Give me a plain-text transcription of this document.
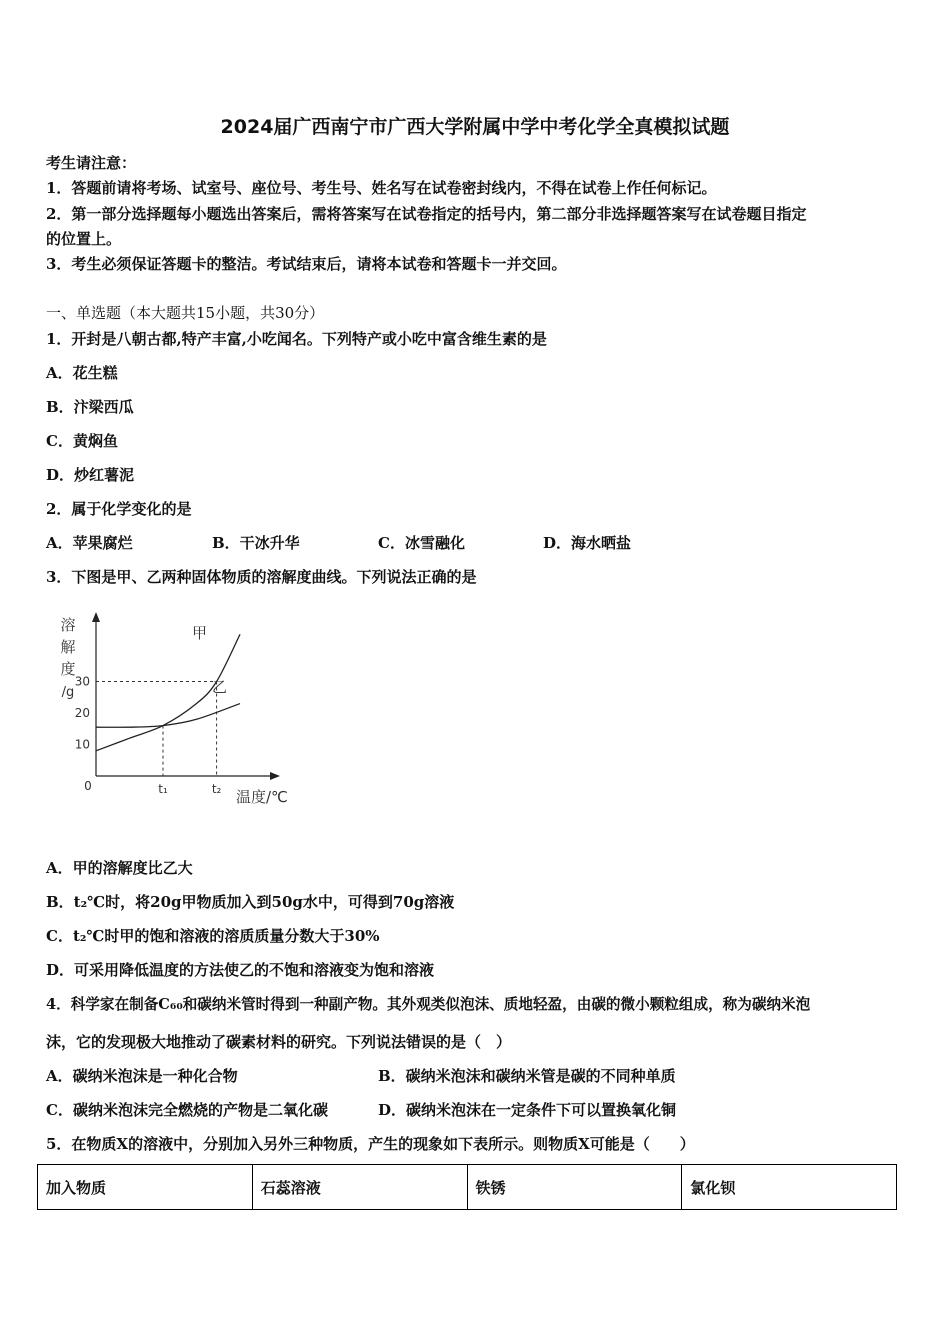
2024届广西南宁市广西大学附属中学中考化学全真模拟试题
考生请注意：
1．答题前请将考场、试室号、座位号、考生号、姓名写在试卷密封线内，不得在试卷上作任何标记。
2．第一部分选择题每小题选出答案后，需将答案写在试卷指定的括号内，第二部分非选择题答案写在试卷题目指定
的位置上。
3．考生必须保证答题卡的整洁。考试结束后，请将本试卷和答题卡一并交回。
一、单选题（本大题共15小题，共30分）
1．开封是八朝古都,特产丰富,小吃闻名。下列特产或小吃中富含维生素的是
A．花生糕
B．汴梁西瓜
C．黄焖鱼
D．炒红薯泥
2．属于化学变化的是
A．苹果腐烂	B．干冰升华	C．冰雪融化	D．海水晒盐
3．下图是甲、乙两种固体物质的溶解度曲线。下列说法正确的是
溶
解
度
/g
10
20
30
t₁	t₂
甲
乙
0
温度/℃
A．甲的溶解度比乙大
B．t₂℃时，将20g甲物质加入到50g水中，可得到70g溶液
C．t₂℃时甲的饱和溶液的溶质质量分数大于30%
D．可采用降低温度的方法使乙的不饱和溶液变为饱和溶液
4．科学家在制备C₆₀和碳纳米管时得到一种副产物。其外观类似泡沫、质地轻盈，由碳的微小颗粒组成，称为碳纳米泡
沫，它的发现极大地推动了碳素材料的研究。下列说法错误的是（　）
A．碳纳米泡沫是一种化合物	B．碳纳米泡沫和碳纳米管是碳的不同种单质
C．碳纳米泡沫完全燃烧的产物是二氧化碳	D．碳纳米泡沫在一定条件下可以置换氧化铜
5．在物质X的溶液中，分别加入另外三种物质，产生的现象如下表所示。则物质X可能是（　　）
加入物质	石蕊溶液	铁锈	氯化钡
